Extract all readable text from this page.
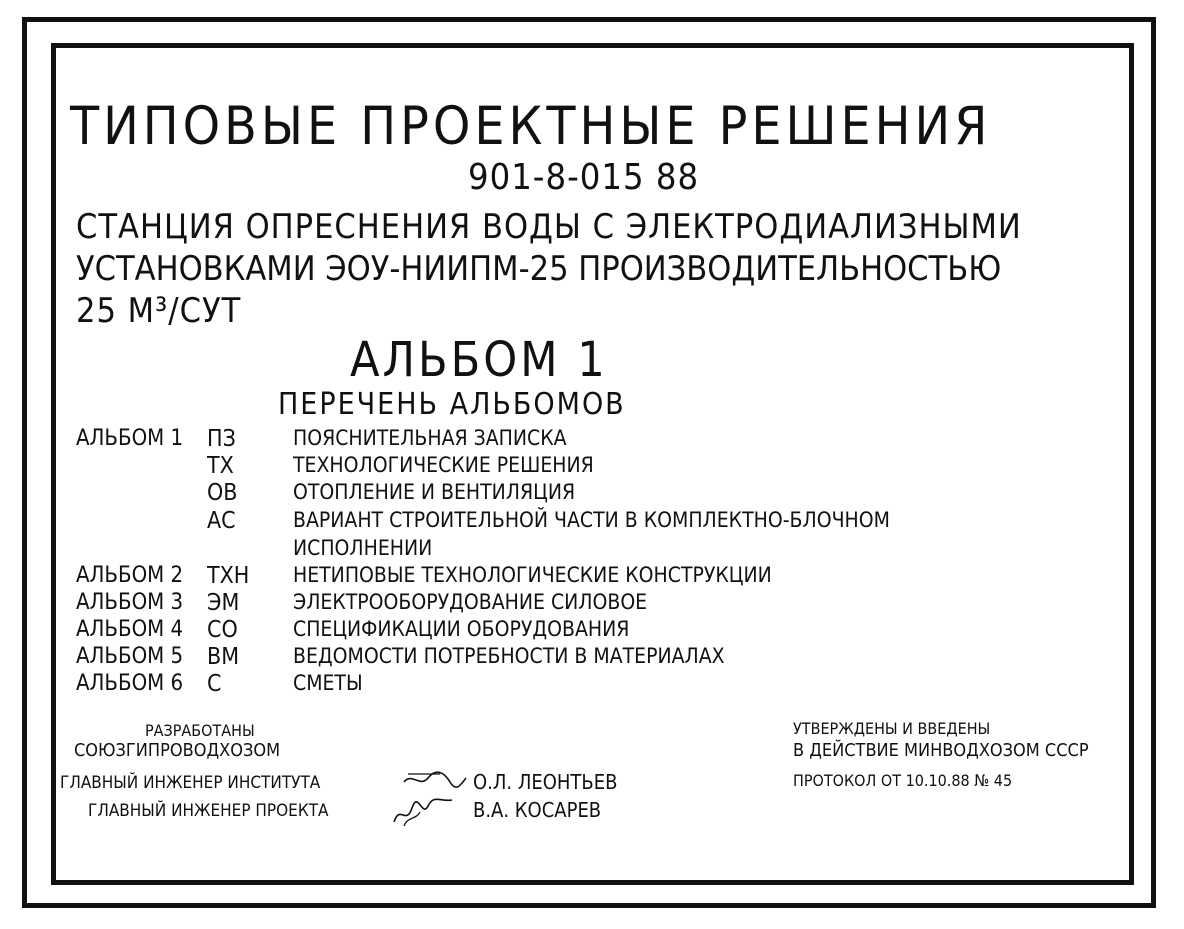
ТИПОВЫЕ ПРОЕКТНЫЕ РЕШЕНИЯ
901-8-015 88
СТАНЦИЯ ОПРЕСНЕНИЯ ВОДЫ С ЭЛЕКТРОДИАЛИЗНЫМИ
УСТАНОВКАМИ ЭОУ-НИИПМ-25 ПРОИЗВОДИТЕЛЬНОСТЬЮ
25 М³/СУТ
АЛЬБОМ 1
ПЕРЕЧЕНЬ АЛЬБОМОВ
АЛЬБОМ 1 ПЗ	ПОЯСНИТЕЛЬНАЯ ЗАПИСКА
ТХ	ТЕХНОЛОГИЧЕСКИЕ РЕШЕНИЯ
ОВ	ОТОПЛЕНИЕ И ВЕНТИЛЯЦИЯ
АС	ВАРИАНТ СТРОИТЕЛЬНОЙ ЧАСТИ В КОМПЛЕКТНО-БЛОЧНОМ
ИСПОЛНЕНИИ
АЛЬБОМ 2 ТХН НЕТИПОВЫЕ ТЕХНОЛОГИЧЕСКИЕ КОНСТРУКЦИИ
АЛЬБОМ 3 ЭМ	ЭЛЕКТРООБОРУДОВАНИЕ СИЛОВОЕ
АЛЬБОМ 4 СО	СПЕЦИФИКАЦИИ ОБОРУДОВАНИЯ
АЛЬБОМ 5 ВМ	ВЕДОМОСТИ ПОТРЕБНОСТИ В МАТЕРИАЛАХ
АЛЬБОМ 6 С	СМЕТЫ
РАЗРАБОТАНЫ
СОЮЗГИПРОВОДХОЗОМ
ГЛАВНЫЙ ИНЖЕНЕР ИНСТИТУТА	О.Л. ЛЕОНТЬЕВ
ГЛАВНЫЙ ИНЖЕНЕР ПРОЕКТА	В.А. КОСАРЕВ
УТВЕРЖДЕНЫ И ВВЕДЕНЫ
В ДЕЙСТВИЕ МИНВОДХОЗОМ СССР
ПРОТОКОЛ ОТ 10.10.88 № 45
